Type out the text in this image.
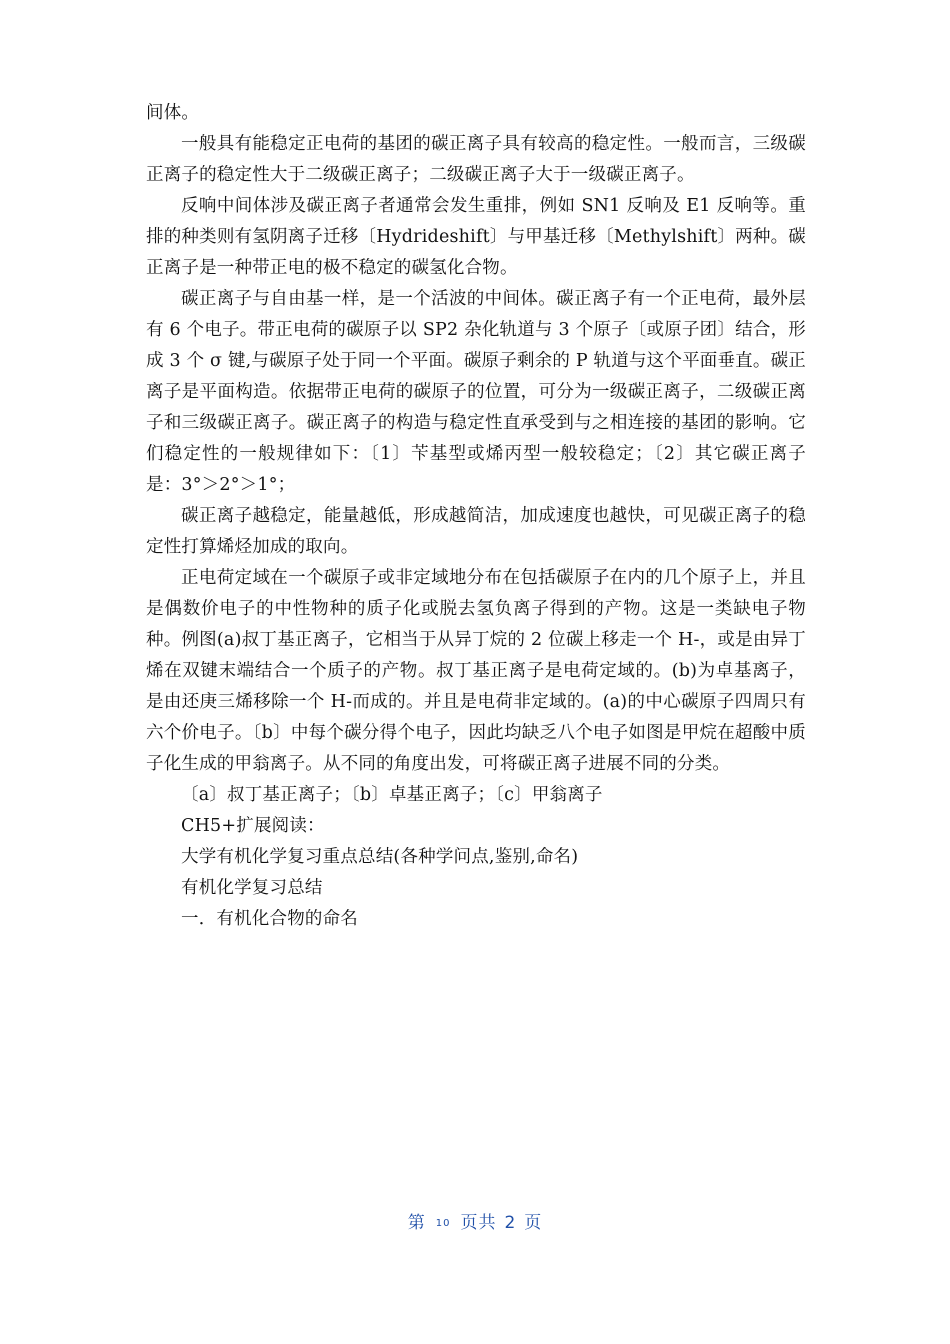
间体。

一般具有能稳定正电荷的基团的碳正离子具有较高的稳定性。一般而言，三级碳正离子的稳定性大于二级碳正离子；二级碳正离子大于一级碳正离子。

反响中间体涉及碳正离子者通常会发生重排，例如 SN1 反响及 E1 反响等。重排的种类则有氢阴离子迁移〔Hydrideshift〕与甲基迁移〔Methylshift〕两种。碳正离子是一种带正电的极不稳定的碳氢化合物。

碳正离子与自由基一样，是一个活波的中间体。碳正离子有一个正电荷，最外层有 6 个电子。带正电荷的碳原子以 SP2 杂化轨道与 3 个原子〔或原子团〕结合，形成 3 个 σ 键,与碳原子处于同一个平面。碳原子剩余的 P 轨道与这个平面垂直。碳正离子是平面构造。依据带正电荷的碳原子的位置，可分为一级碳正离子，二级碳正离子和三级碳正离子。碳正离子的构造与稳定性直承受到与之相连接的基团的影响。它们稳定性的一般规律如下：〔1〕苄基型或烯丙型一般较稳定；〔2〕其它碳正离子是：3°＞2°＞1°；

碳正离子越稳定，能量越低，形成越简洁，加成速度也越快，可见碳正离子的稳定性打算烯烃加成的取向。

正电荷定域在一个碳原子或非定域地分布在包括碳原子在内的几个原子上，并且是偶数价电子的中性物种的质子化或脱去氢负离子得到的产物。这是一类缺电子物种。例图(a)叔丁基正离子，它相当于从异丁烷的 2 位碳上移走一个 H-，或是由异丁烯在双键末端结合一个质子的产物。叔丁基正离子是电荷定域的。(b)为卓基离子，是由还庚三烯移除一个 H-而成的。并且是电荷非定域的。(a)的中心碳原子四周只有六个价电子。〔b〕中每个碳分得个电子，因此均缺乏八个电子如图是甲烷在超酸中质子化生成的甲翁离子。从不同的角度出发，可将碳正离子进展不同的分类。

〔a〕叔丁基正离子；〔b〕卓基正离子；〔c〕甲翁离子

CH5+扩展阅读：

大学有机化学复习重点总结(各种学问点,鉴别,命名)

有机化学复习总结

一．有机化合物的命名

第 10 页共 2 页
